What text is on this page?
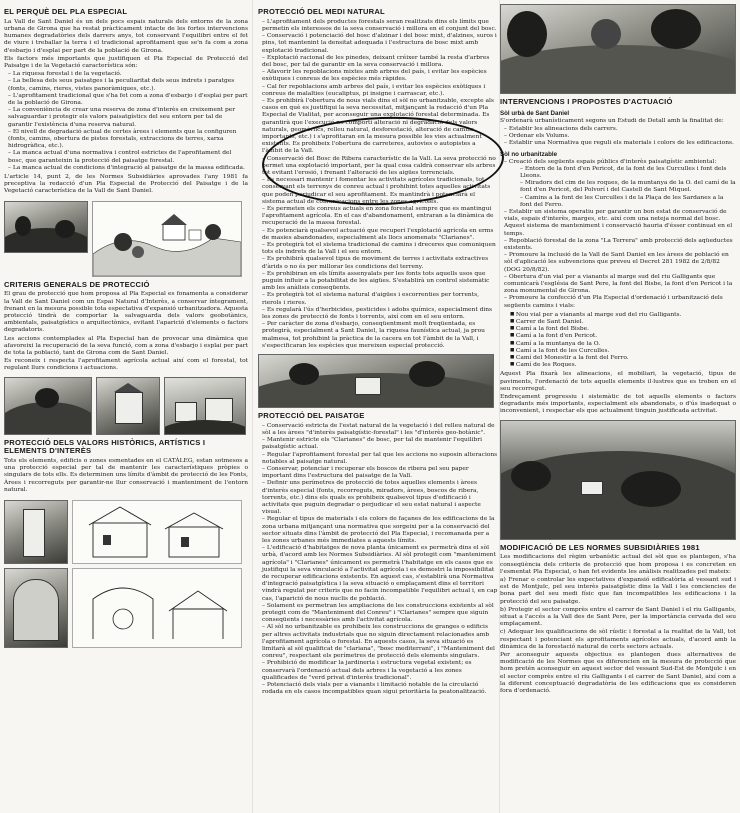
EL PERQUÈ DEL PLA ESPECIAL

La Vall de Sant Daniel és un dels pocs espais naturals dels entorns de la zona urbana de Girona que ha restat pràcticament intacte de les fortes intervencions humanes degradatòries dels darrers anys, tot conservant l'equilibri entre el fet de viure i treballar la terra i el tradicional aprofitament que se'n fa com a zona d'esbarjo i d'esplai per part de la població de Girona.

Els factors més importants que justifiquen el Pla Especial de Protecció del Paisatge i de la Vegetació característica són:

– La riquesa forestal i de la vegetació.
– La bellesa dels seus paisatges i la peculiaritat dels seus indrets i paratges (fonts, camins, rieres, vistes panoràmiques, etc.).
– L'aprofitament tradicional que s'ha fet com a zona d'esbarjo i d'esplai per part de la població de Girona.
– La conveniència de crear una reserva de zona d'interès en creixement per salvaguardar i protegir els valors paisatgístics del seu entorn per tal de garantir l'existència d'una reserva natural.
– El nivell de degradació actual de certes àrees i elements que la configuren (fonts, camins, obertura de pistes forestals, extraccions de terres, xarxa hidrogràfica, etc.).
– La manca actual d'una normativa i control estrictes de l'aprofitament del bosc, que garanteixin la protecció del paisatge forestal.
– La manca actual de condicions d'integració al paisatge de la massa edificada.

L'article 14, punt 2, de les Normes Subsidiàries aprovades l'any 1981 fa preceptiva la redacció d'un Pla Especial de Protecció del Paisatge i de la Vegetació característica de la Vall de Sant Daniel.

CRITERIS GENERALS DE PROTECCIÓ

El grau de protecció que hom proposa al Pla Especial es fonamenta a considerar la Vall de Sant Daniel com un Espai Natural d'Interès, a conservar íntegrament, frenant en la mesura possible tota espectativa d'expansió urbanitzadora. Aquesta protecció tindrà de comportar la salvaguarda dels valors geobotànics, ambientals, paisatgístics o arquitectònics, evitant l'aparició d'elements o factors degradatoris.

Les accions contemplades al Pla Especial han de provocar una dinàmica que afavoreixi la recuperació de la seva funció, com a zona d'esbarjo i esplai per part de tota la població, tant de Girona com de Sant Daniel.

Es reconeix i respecta l'aprofitament agrícola actual així com el forestal, tot regulant llurs condicions i actuacions.

PROTECCIÓ DELS VALORS HISTÒRICS, ARTÍSTICS I ELEMENTS D'INTERÈS

Tots els elements, edificis o zones esmentades en el CATÀLEG, estan sotmesos a una protecció especial per tal de mantenir les característiques pròpies o singulars de tots ells. Es determinen uns límits d'àmbit de protecció de les Fonts, Àrees i recorreguts per garantir-ne llur conservació i manteniment de l'entorn natural.

PROTECCIÓ DEL MEDI NATURAL
– L'aprofitament dels productes forestals seran realitzats dins els límits que permetin els interessos de la seva conservació i millora en el conjunt del bosc.
– Conservació i potenciació del bosc d'alzinar i del bosc mixt, d'alzines, suros i pins, tot mantenint la densitat adequada i l'estructura de bosc mixt amb explotació tradicional.
– Explotació racional de les pinedes, deixant créixer també la resta d'arbres del bosc, per tal de garantir en la seva conservació i millora.
– Afavorir les repoblacions mixtes amb arbres del país, i evitar les espècies exòtiques i conreus de les espècies més ràpides.
– Cal fer repoblacions amb arbres del país, i evitar les espècies exòtiques i conreus de malalties (eucaliptus, pi insigne i carrascar, etc.).
– Es prohibirà l'obertura de nous vials dins el sòl no urbanitzable, excepte als casos en què es justifiqui la seva necessitat, mitjançant la redacció d'un Pla Especial de Vialitat, per aconseguir una explotació forestal determinada. Es garantirà que l'execució no comporti alteració ni degradació dels valors naturals, geomòrfics, relleu natural, desforestació, alteració de camins importants, etc.) i s'aprofitaran en la mesura possible les vies actualment existents. Es prohibeix l'obertura de carreteres, autovies o autopistes a l'àmbit de la Vall.
– Conservació del Bosc de Ribera característic de la Vall. La seva protecció no permet una explotació important, per la qual cosa caldrà conservar els arbres tot evitant l'erosió, i frenant l'alteració de les aigües torrencials.
– Es necessari mantenir i fomentar les activitats agrícoles tradicionals, tot conservant els terrenys de conreu actual i prohibint totes aquelles activitats que poden perjudicar el seu aprofitament. Es mantindrà i potenciarà el sistema actual de comunicacions entre les zones agrícoles.
– Es permeten els conreus actuals en zona forestal sempre que es mantingui l'aprofitament agrícola. En el cas d'abandonament, entraran a la dinàmica de recuperació de la massa forestal.
– Es potenciarà qualsevol actuació que recuperi l'explotació agrícola en erms de masies abandonades, especialment als llocs anomenats "Clarianes".
– Es protegirà tot el sistema tradicional de camins i dreceres que comuniquen tots els indrets de la Vall i el seu entorn.
– Es prohibirà qualsevol tipus de moviment de terres i activitats extractives d'àrids o no és per millorar les condicions del terreny.
– Es prohibiran en els límits assenyalats per les fonts tots aquells usos que puguin influir a la potabilitat de les aigües. S'establirà un control sistemàtic amb les anàlisis conseqüents.
– Es protegirà tot el sistema natural d'aigües i escorrenties per torrents, rierols i rieres.
– Es regularà l'ús d'herbicides, pesticides i adobs químics, especialment dins les zones de protecció de fonts i torrents, així com en el seu entorn.
– Per caràcter de zona d'esbarjo, conseqüentment molt freqüentada, es protegirà, especialment a Sant Daniel, la riquesa faunística actual, ja prou malmesa, tot prohibint la pràctica de la cacera en tot l'àmbit de la Vall, i s'especificaran les espècies que mereixen especial protecció.
PROTECCIÓ DEL PAISATGE
– Conservació estricta de l'estat natural de la vegetació i del relleu natural de sòl a les àrees "d'interès paisatgístic-forestal" i les "d'interès geo-botànic".
– Mantenir estricte els "Clarianes" de bosc, per tal de mantenir l'equilibri paisatgístic actual.
– Regular l'aprofitament forestal per tal que les accions no suposin alteracions notables al paisatge natural.
– Conservar, potenciar i recuperar els boscos de ribera pel seu paper important dins l'estructura del paisatge de la Vall.
– Definir uns perímetres de protecció de totes aquelles elements i àrees d'interès especial (fonts, recorreguts, miradors, àrees, boscos de ribera, torrents, etc.) dins els quals es prohibeix qualsevol tipus d'edificació i activitats que puguin degradar o perjudicar el seu estat natural i aspecte visual.
– Regular el tipus de materials i els colors de façanes de les edificacions de la zona urbana mitjançant una normativa que sorgeixi per a la conservació del sector situats dins l'àmbit de protecció del Pla Especial, i recomanada per a les zones urbanes més immediates a aquests límits.
– L'edificació d'habitatges de nova planta únicament es permetrà dins el sòl urbà, d'acord amb les Normes Subsidiàries. Al sòl protegit com "manteniment agrícola" i "Clarianes" únicament es permetrà l'habitatge en els casos que es justifiqui la seva vinculació a l'activitat agrícola i es demostri la impossibilitat de recuperar edificacions existents. En aquest cas, s'establirà una Normativa d'integració paisatgística i la seva situació o emplaçament dins el territori vindrà regulat per criteris que no facin incompatible l'equilibri actual i, en cap cas, l'aparició de nous nuclis de població.
– Solament es permetran les ampliacions de les construccions existents al sòl protegit com de "Manteniment del Conreu" i "Clarianes" sempre que siguin conseqüents i necessàries amb l'activitat agrícola.
– Al sòl no urbanitzable es prohibeix les construccions de granges o edificis per altres activitats industrials que no siguin directament relacionades amb l'aprofitament agrícola o forestal. En aquests casos, la seva situació es limitarà al sòl qualificat de "clariana", "bosc mediterrani", i "Manteniment del conreu", respectant els perímetres de protecció dels elements singulars.
– Prohibició de modificar la jardineria i estructura vegetal existent; es conservarà l'ordenació actual dels arbres i la vegetació a les zones qualificades de "verd privat d'interès tradicional".
– Potenciació dels vials per a vianants i limitació notable de la circulació rodada en els casos incompatibles quan sigui prioritària la peatonalització.
INTERVENCIONS I PROPOSTES D'ACTUACIÓ
Sòl urbà de Sant Daniel

S'ordenarà urbanísticament segons un Estudi de Detall amb la finalitat de:

– Establir les alineacions dels carrers.
– Ordenar els Volums.
– Establir una Normativa que reguli els materials i colors de les edificacions.
Sòl no urbanitzable
– Creació dels següents espais públics d'interès paisatgístic ambiental:
– Entorn de la font d'en Pericot, de la font de les Curculles i font dels Lleons.
– Miradors del cim de les roques, de la muntanya de la O. del camí de la font d'en Pericot, del Polvorí i del Castell de Sant Miquel.
– Camins a la font de les Curculles i de la Plaça de les Sardanes a la font del Ferro.
– Establir un sistema operatiu per garantir un bon estat de conservació de vials, espais d'interès, marges, etc. així com una neteja normal del bosc. Aquest sistema de manteniment i conservació hauria d'ésser continuat en el temps.
– Repoblació forestal de la zona "La Terrera" amb protecció dels aqüeductes existents.
– Promoure la inclusió de la Vall de Sant Daniel en les àrees de població en sòl d'aplicació les subvencions que preveu el Decret 281 1982 de 2/8/82 (DOG 20/8/82).
– Obertura d'un vial per a vianants al marge sud del riu Galligants que comunicarà l'església de Sant Pere, la font del Bisbe, la font d'en Pericot i la zona monumental de Girona.
– Promoure la confecció d'un Pla Especial d'ordenació i urbanització dels següents camins i vials:
■ Nou vial per a vianants al marge sud del riu Galligants.
■ Carrer de Sant Daniel.
■ Camí a la font del Bisbe.
■ Camí a la font d'en Pericot.
■ Camí a la muntanya de la O.
■ Camí a la font de les Curculles.
■ Camí del Monestir a la font del Ferro.
■ Camí de les Roques.

Aquest Pla fixarà les alineacions, el mobiliari, la vegetació, tipus de paviments, l'ordenació de tots aquells elements il·lustres que es troben en el seu recorregut.

Endreçament progressiu i sistemàtic de tot aquells elements o factors degradants més importants, especialment els abandonats, o d'ús inadequat o inconvenient, i respectar els que actualment tinguin justificada activitat.

MODIFICACIÓ DE LES NORMES SUBSIDIÀRIES 1981

Les modificacions del règim urbanístic actual del sòl que es plantegen, s'ha conseqüència dels criteris de protecció que hom proposa i es concreten en l'esmentat Pla Especial, o han fet evidents les anàlisis realitzades pel mateix:

a) Frenar o controlar les expectatives d'expansió edificatòria al vessant sud i est de Montjuïc, pel seu interès paisatgístic dins la Vall i les conciencies de bona part del seu medi físic que fan incompatibles les edificacions i la protecció del seu paisatge.

b) Protegir el sector comprès entre el carrer de Sant Daniel i el riu Galligants, situat a l'accés a la Vall des de Sant Pere, per la importància cervada del seu emplaçament.

c) Adequar les qualificacions de sòl rústic i forestal a la realitat de la Vall, tot respectant i potenciant els aprofitaments agrícoles actuals, d'acord amb la dinàmica de la forestació natural de certs sectors actuals.

Per aconseguir aquests objectius es plantegen dues alternatives de modificació de les Normes que es diferencien en la mesura de protecció que hom pretén aconseguir en aquest sector del vessant Sud-Est de Montjuïc i en el sector comprès entre el riu Galligants i el carrer de Sant Daniel, així com a la diferent conceptuació degradatòria de les edificacions que es consideren fora d'ordenació.
